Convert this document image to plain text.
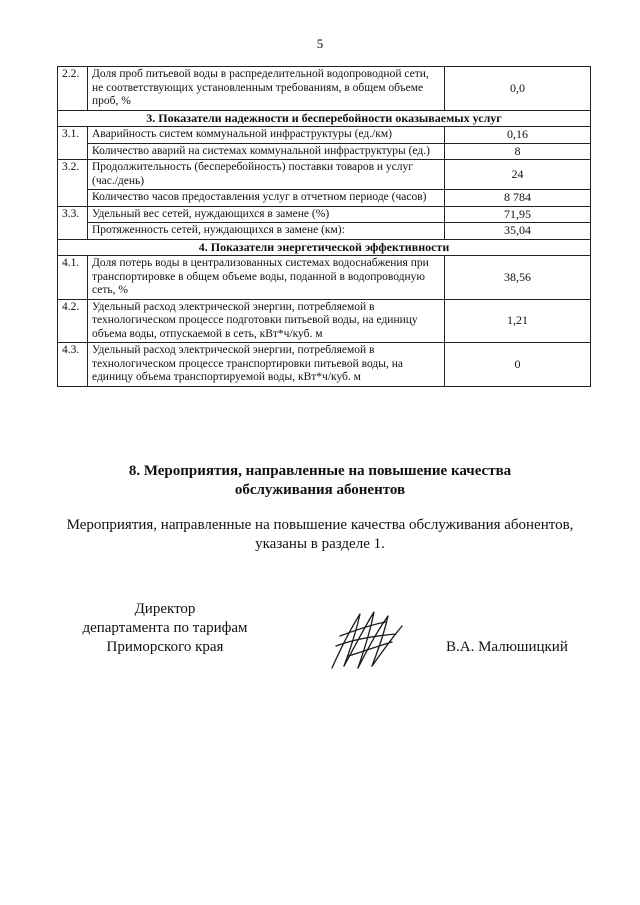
5
2.2.	Доля проб питьевой воды в распределительной водопроводной сети, не соответствующих установленным требованиям, в общем объеме проб, %	0,0
3. Показатели надежности и бесперебойности оказываемых услуг		
3.1.	Аварийность систем коммунальной инфраструктуры (ед./км)	0,16
	Количество аварий на системах коммунальной инфраструктуры (ед.)	8
3.2.	Продолжительность (бесперебойность) поставки товаров и услуг (час./день)	24
	Количество часов предоставления услуг в отчетном периоде (часов)	8 784
3.3.	Удельный вес сетей, нуждающихся в замене (%)	71,95
	Протяженность сетей, нуждающихся в замене (км):	35,04
4. Показатели энергетической эффективности		
4.1.	Доля потерь воды в централизованных системах водоснабжения при транспортировке в общем объеме воды, поданной в водопроводную сеть, %	38,56
4.2.	Удельный расход электрической энергии, потребляемой в технологическом процессе подготовки питьевой воды, на единицу объема воды, отпускаемой в сеть, кВт*ч/куб. м	1,21
4.3.	Удельный расход электрической энергии, потребляемой в технологическом процессе транспортировки питьевой воды, на единицу объема транспортируемой воды, кВт*ч/куб. м	0
8. Мероприятия, направленные на повышение качества
обслуживания абонентов
Мероприятия, направленные на повышение качества обслуживания абонентов,
указаны в разделе 1.
Директор
департамента по тарифам
Приморского края	В.А. Малюшицкий
